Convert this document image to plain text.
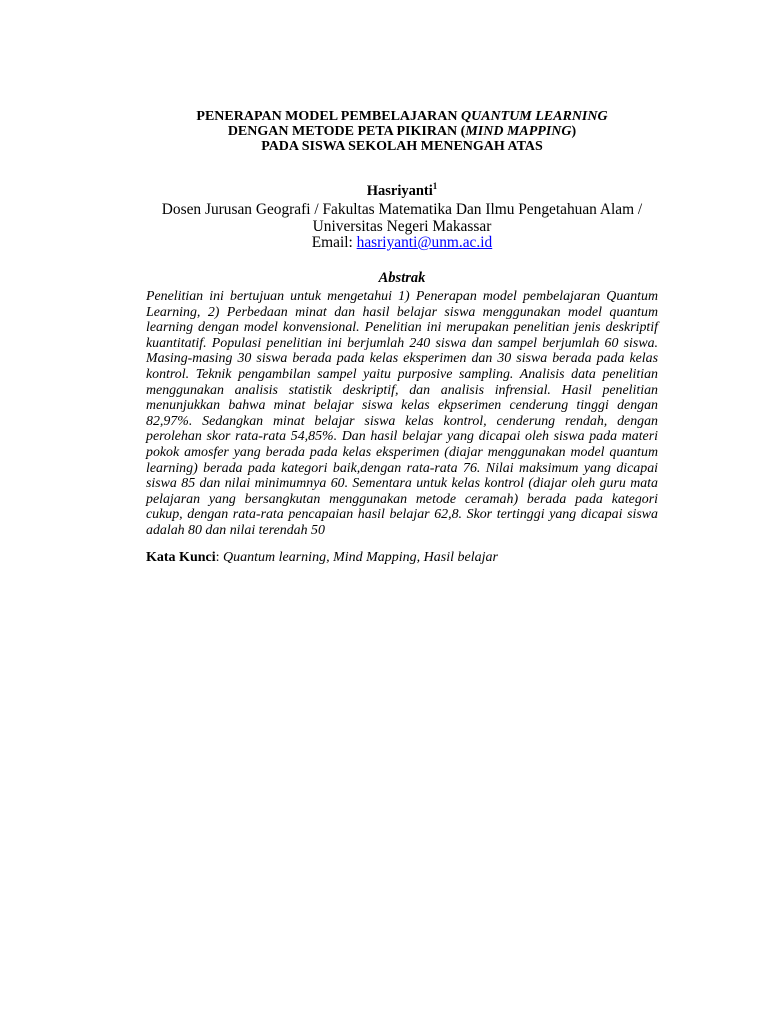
PENERAPAN MODEL PEMBELAJARAN QUANTUM LEARNING
DENGAN METODE PETA PIKIRAN (MIND MAPPING)
PADA SISWA SEKOLAH MENENGAH ATAS
Hasriyanti$^1$
Dosen Jurusan Geografi / Fakultas Matematika Dan Ilmu Pengetahuan Alam /
Universitas Negeri Makassar
Email: hasriyanti@unm.ac.id
Abstrak
Penelitian ini bertujuan untuk mengetahui 1) Penerapan model pembelajaran Quantum
Learning, 2) Perbedaan minat dan hasil belajar siswa menggunakan model quantum
learning dengan model konvensional. Penelitian ini merupakan penelitian jenis deskriptif
kuantitatif. Populasi penelitian ini berjumlah 240 siswa dan sampel berjumlah 60 siswa.
Masing-masing 30 siswa berada pada kelas eksperimen dan 30 siswa berada pada kelas
kontrol. Teknik pengambilan sampel yaitu purposive sampling. Analisis data penelitian
menggunakan analisis statistik deskriptif, dan analisis infrensial. Hasil penelitian
menunjukkan bahwa minat belajar siswa kelas ekpserimen cenderung tinggi dengan
82,97%. Sedangkan minat belajar siswa kelas kontrol, cenderung rendah, dengan
perolehan skor rata-rata 54,85%. Dan hasil belajar yang dicapai oleh siswa pada materi
pokok amosfer yang berada pada kelas eksperimen (diajar menggunakan model quantum
learning) berada pada kategori baik,dengan rata-rata 76. Nilai maksimum yang dicapai
siswa 85 dan nilai minimumnya 60. Sementara untuk kelas kontrol (diajar oleh guru mata
pelajaran yang bersangkutan menggunakan metode ceramah) berada pada kategori
cukup, dengan rata-rata pencapaian hasil belajar 62,8. Skor tertinggi yang dicapai siswa
adalah 80 dan nilai terendah 50
Kata Kunci: Quantum learning, Mind Mapping, Hasil belajar
